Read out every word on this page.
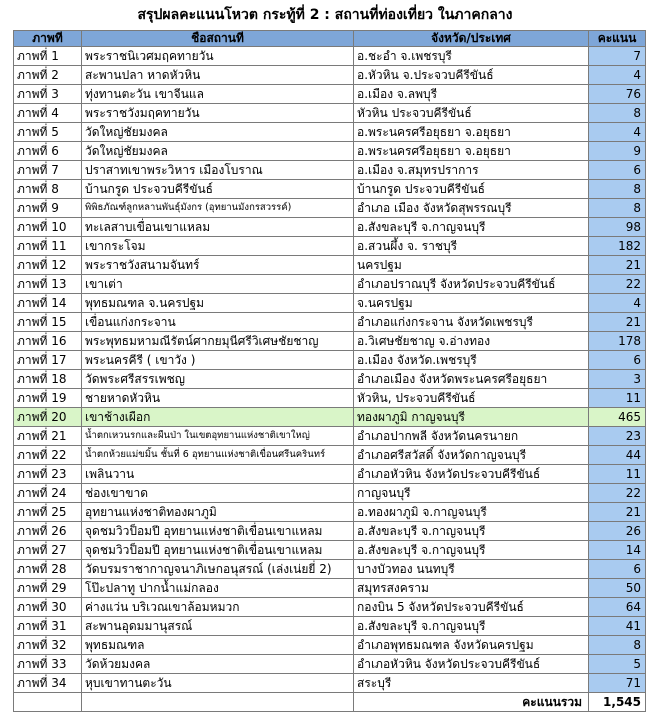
สรุปผลคะแนนโหวต กระทู้ที่ 2 : สถานที่ท่องเที่ยว ในภาคกลาง
ภาพที่	ชื่อสถานที่	จังหวัด/ประเทศ	คะแนน
ภาพที่ 1	พระราชนิเวศมฤคทายวัน	อ.ชะอำ จ.เพชรบุรี	7
ภาพที่ 2	สะพานปลา หาดหัวหิน	อ.หัวหิน จ.ประจวบคีรีขันธ์	4
ภาพที่ 3	ทุ่งทานตะวัน เขาจีนแล	อ.เมือง จ.ลพบุรี	76
ภาพที่ 4	พระราชวังมฤคทายวัน	หัวหิน ประจวบคีรีขันธ์	8
ภาพที่ 5	วัดใหญ่ชัยมงคล	อ.พระนครศรีอยุธยา จ.อยุธยา	4
ภาพที่ 6	วัดใหญ่ชัยมงคล	อ.พระนครศรีอยุธยา จ.อยุธยา	9
ภาพที่ 7	ปราสาทเขาพระวิหาร เมืองโบราณ	อ.เมือง จ.สมุทรปราการ	6
ภาพที่ 8	บ้านกรูด ประจวบคีรีขันธ์	บ้านกรูด ประจวบคีรีขันธ์	8
ภาพที่ 9	พิพิธภัณฑ์ลูกหลานพันธุ์มังกร (อุทยานมังกรสวรรค์)	อำเภอ เมือง จังหวัดสุพรรณบุรี	8
ภาพที่ 10	ทะเลสาบเขื่อนเขาแหลม	อ.สังขละบุรี จ.กาญจนบุรี	98
ภาพที่ 11	เขากระโจม	อ.สวนผึ้ง จ. ราชบุรี	182
ภาพที่ 12	พระราชวังสนามจันทร์	นครปฐม	21
ภาพที่ 13	เขาเต่า	อำเภอปราณบุรี จังหวัดประจวบคีรีขันธ์	22
ภาพที่ 14	พุทธมณฑล จ.นครปฐม	จ.นครปฐม	4
ภาพที่ 15	เขื่อนแก่งกระจาน	อำเภอแก่งกระจาน จังหวัดเพชรบุรี	21
ภาพที่ 16	พระพุทธมหามณีรัตน์ศากยมุนีศรีวิเศษชัยชาญ	อ.วิเศษชัยชาญ จ.อ่างทอง	178
ภาพที่ 17	พระนครคีรี ( เขาวัง )	อ.เมือง จังหวัด.เพชรบุรี	6
ภาพที่ 18	วัดพระศรีสรรเพชญ	อำเภอเมือง จังหวัดพระนครศรีอยุธยา	3
ภาพที่ 19	ชายหาดหัวหิน	หัวหิน, ประจวบคีรีขันธ์	11
ภาพที่ 20	เขาช้างเผือก	ทองผาภูมิ กาญจนบุรี	465
ภาพที่ 21	น้ำตกเหวนรกและผืนป่า ในเขตอุทยานแห่งชาติเขาใหญ่	อำเภอปากพลี จังหวัดนครนายก	23
ภาพที่ 22	น้ำตกห้วยแม่ขมิ้น ชั้นที่ 6 อุทยานแห่งชาติเขื่อนศรีนครินทร์	อำเภอศรีสวัสดิ์ จังหวัดกาญจนบุรี	44
ภาพที่ 23	เพลินวาน	อำเภอหัวหิน จังหวัดประจวบคีรีขันธ์	11
ภาพที่ 24	ช่องเขาขาด	กาญจนบุรี	22
ภาพที่ 25	อุทยานแห่งชาติทองผาภูมิ	อ.ทองผาภูมิ จ.กาญจนบุรี	21
ภาพที่ 26	จุดชมวิวป็อมปี อุทยานแห่งชาติเขื่อนเขาแหลม	อ.สังขละบุรี จ.กาญจนบุรี	26
ภาพที่ 27	จุดชมวิวป็อมปี อุทยานแห่งชาติเขื่อนเขาแหลม	อ.สังขละบุรี จ.กาญจนบุรี	14
ภาพที่ 28	วัดบรมราชากาญจนาภิเษกอนุสรณ์ (เล่งเน่ยยี่ 2)	บางบัวทอง นนทบุรี	6
ภาพที่ 29	โป๊ะปลาทู ปากน้ำแม่กลอง	สมุทรสงคราม	50
ภาพที่ 30	ค่างแว่น บริเวณเขาล้อมหมวก	กองบิน 5 จังหวัดประจวบคีรีขันธ์	64
ภาพที่ 31	สะพานอุดมมานุสรณ์	อ.สังขละบุรี จ.กาญจนบุรี	41
ภาพที่ 32	พุทธมณฑล	อำเภอพุทธมณฑล จังหวัดนครปฐม	8
ภาพที่ 33	วัดห้วยมงคล	อำเภอหัวหิน จังหวัดประจวบคีรีขันธ์	5
ภาพที่ 34	หุบเขาทานตะวัน	สระบุรี	71
		คะแนนรวม	1,545
